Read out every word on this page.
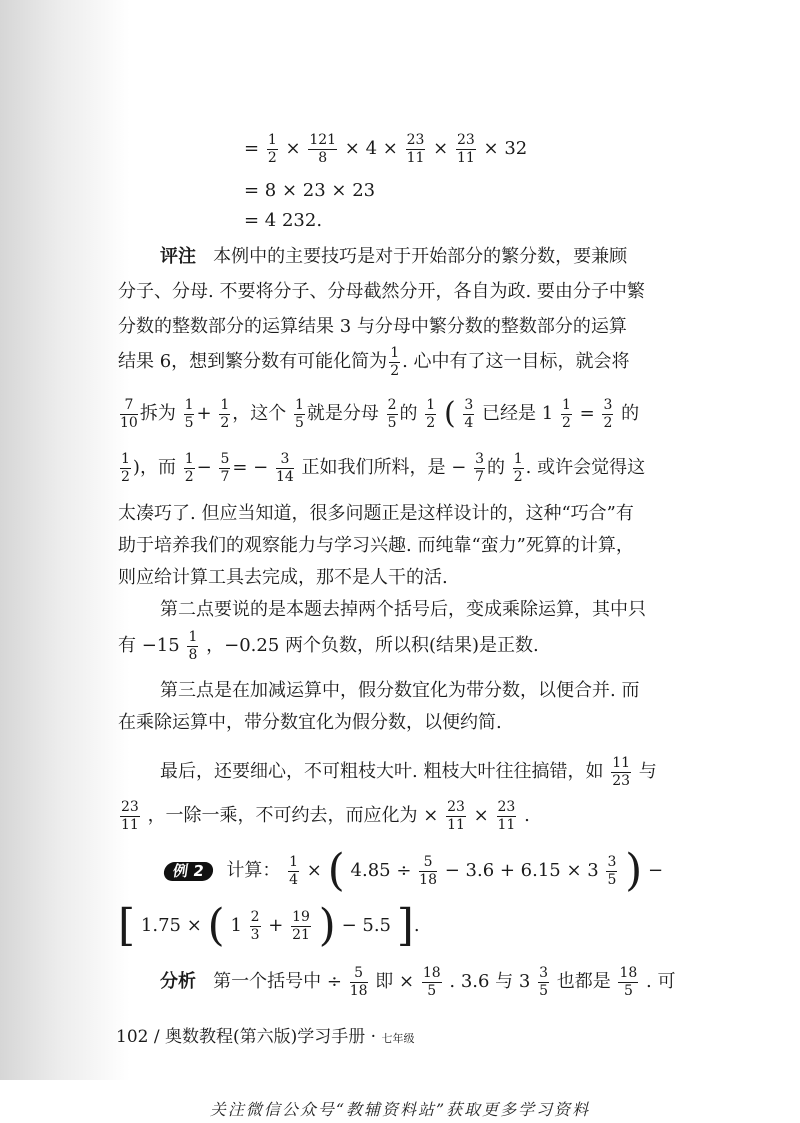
= $\frac{1}{2} \times \frac{121}{8} \times 4 \times \frac{23}{11} \times \frac{23}{11} \times 32$
= 8 × 23 × 23
= 4 232.
评注 本例中的主要技巧是对于开始部分的繁分数，要兼顾
分子、分母. 不要将分子、分母截然分开，各自为政. 要由分子中繁
分数的整数部分的运算结果 3 与分母中繁分数的整数部分的运算
结果 6，想到繁分数有可能化简为 $\frac{1}{2}$ . 心中有了这一目标，就会将
$\frac{7}{10}$ 拆为 $\frac{1}{5} + \frac{1}{2}$ ，这个 $\frac{1}{5}$ 就是分母 $\frac{2}{5}$ 的 $\frac{1}{2}$ ( $\frac{3}{4}$ 已经是 $1 \frac{1}{2} = \frac{3}{2}$ 的
$\frac{1}{2}$ )，而 $\frac{1}{2} - \frac{5}{7}$ = − $\frac{3}{14}$ 正如我们所料，是 − $\frac{3}{7}$ 的 $\frac{1}{2}$ . 或许会觉得这
太凑巧了. 但应当知道，很多问题正是这样设计的，这种“巧合”有
助于培养我们的观察能力与学习兴趣. 而纯靠“蛮力”死算的计算，
则应给计算工具去完成，那不是人干的活.
第二点要说的是本题去掉两个括号后，变成乘除运算，其中只
有 $-15 \frac{1}{8}$ ，−0.25 两个负数，所以积(结果)是正数.
第三点是在加减运算中，假分数宜化为带分数，以便合并. 而
在乘除运算中，带分数宜化为假分数，以便约简.
最后，还要细心，不可粗枝大叶. 粗枝大叶往往搞错，如 $\frac{11}{23}$ 与
$\frac{23}{11}$ ，一除一乘，不可约去，而应化为 × $\frac{23}{11} \times \frac{23}{11}$ .
例 2 计算： $\frac{1}{4}$ × ( $4.85 \div \frac{5}{18} - 3.6 + 6.15 \times 3 \frac{3}{5}$ ) −
[ 1.75 × ( $1 \frac{2}{3} + \frac{19}{21}$ ) − 5.5 ].
分析 第一个括号中 ÷ $\frac{5}{18}$ 即 × $\frac{18}{5}$ . 3.6 与 $3 \frac{3}{5}$ 也都是 $\frac{18}{5}$ . 可
102 / 奥数教程(第六版)学习手册 · 七年级
关注微信公众号“教辅资料站”获取更多学习资料
